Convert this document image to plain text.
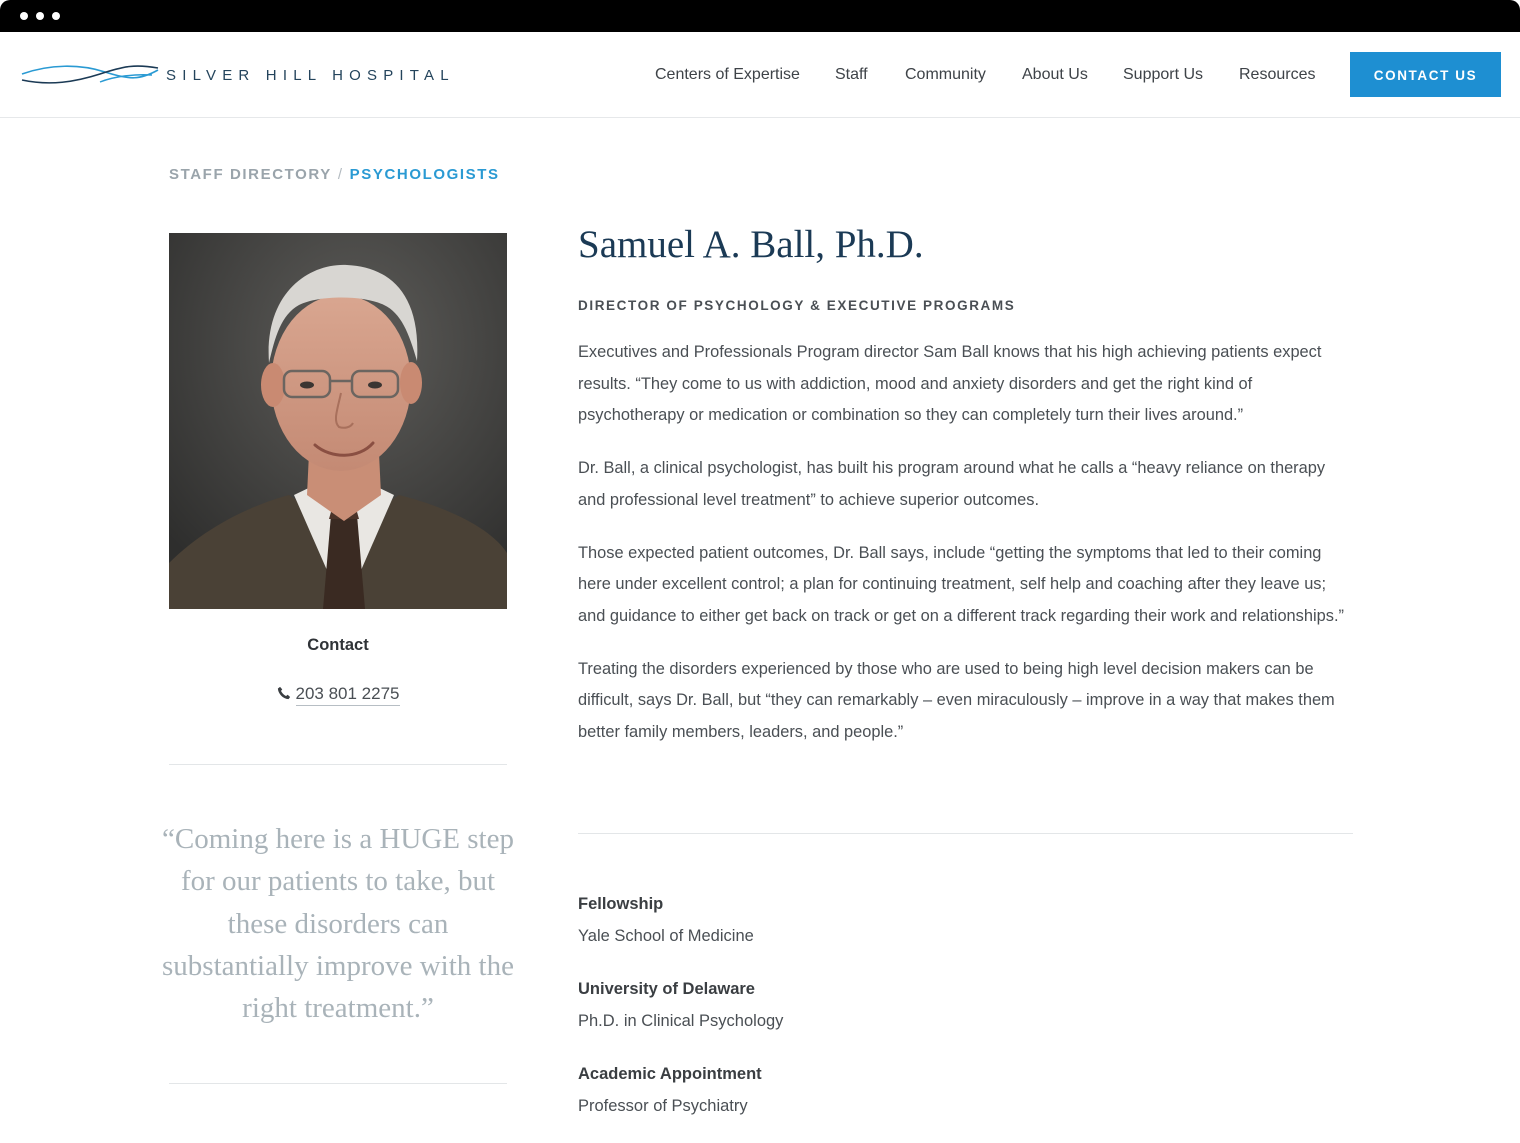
SILVER HILL HOSPITAL	Centers of Expertise Staff Community About Us Support Us Resources	CONTACT US
STAFF DIRECTORY / PSYCHOLOGISTS
Contact
203 801 2275
“Coming here is a HUGE step for our patients to take, but these disorders can substantially improve with the right treatment.”
Samuel A. Ball, Ph.D.
DIRECTOR OF PSYCHOLOGY & EXECUTIVE PROGRAMS

Executives and Professionals Program director Sam Ball knows that his high achieving patients expect results. “They come to us with addiction, mood and anxiety disorders and get the right kind of psychotherapy or medication or combination so they can completely turn their lives around.”

Dr. Ball, a clinical psychologist, has built his program around what he calls a “heavy reliance on therapy and professional level treatment” to achieve superior outcomes.

Those expected patient outcomes, Dr. Ball says, include “getting the symptoms that led to their coming here under excellent control; a plan for continuing treatment, self help and coaching after they leave us; and guidance to either get back on track or get on a different track regarding their work and relationships.”

Treating the disorders experienced by those who are used to being high level decision makers can be difficult, says Dr. Ball, but “they can remarkably – even miraculously – improve in a way that makes them better family members, leaders, and people.”

Fellowship
Yale School of Medicine
University of Delaware
Ph.D. in Clinical Psychology
Academic Appointment
Professor of Psychiatry
